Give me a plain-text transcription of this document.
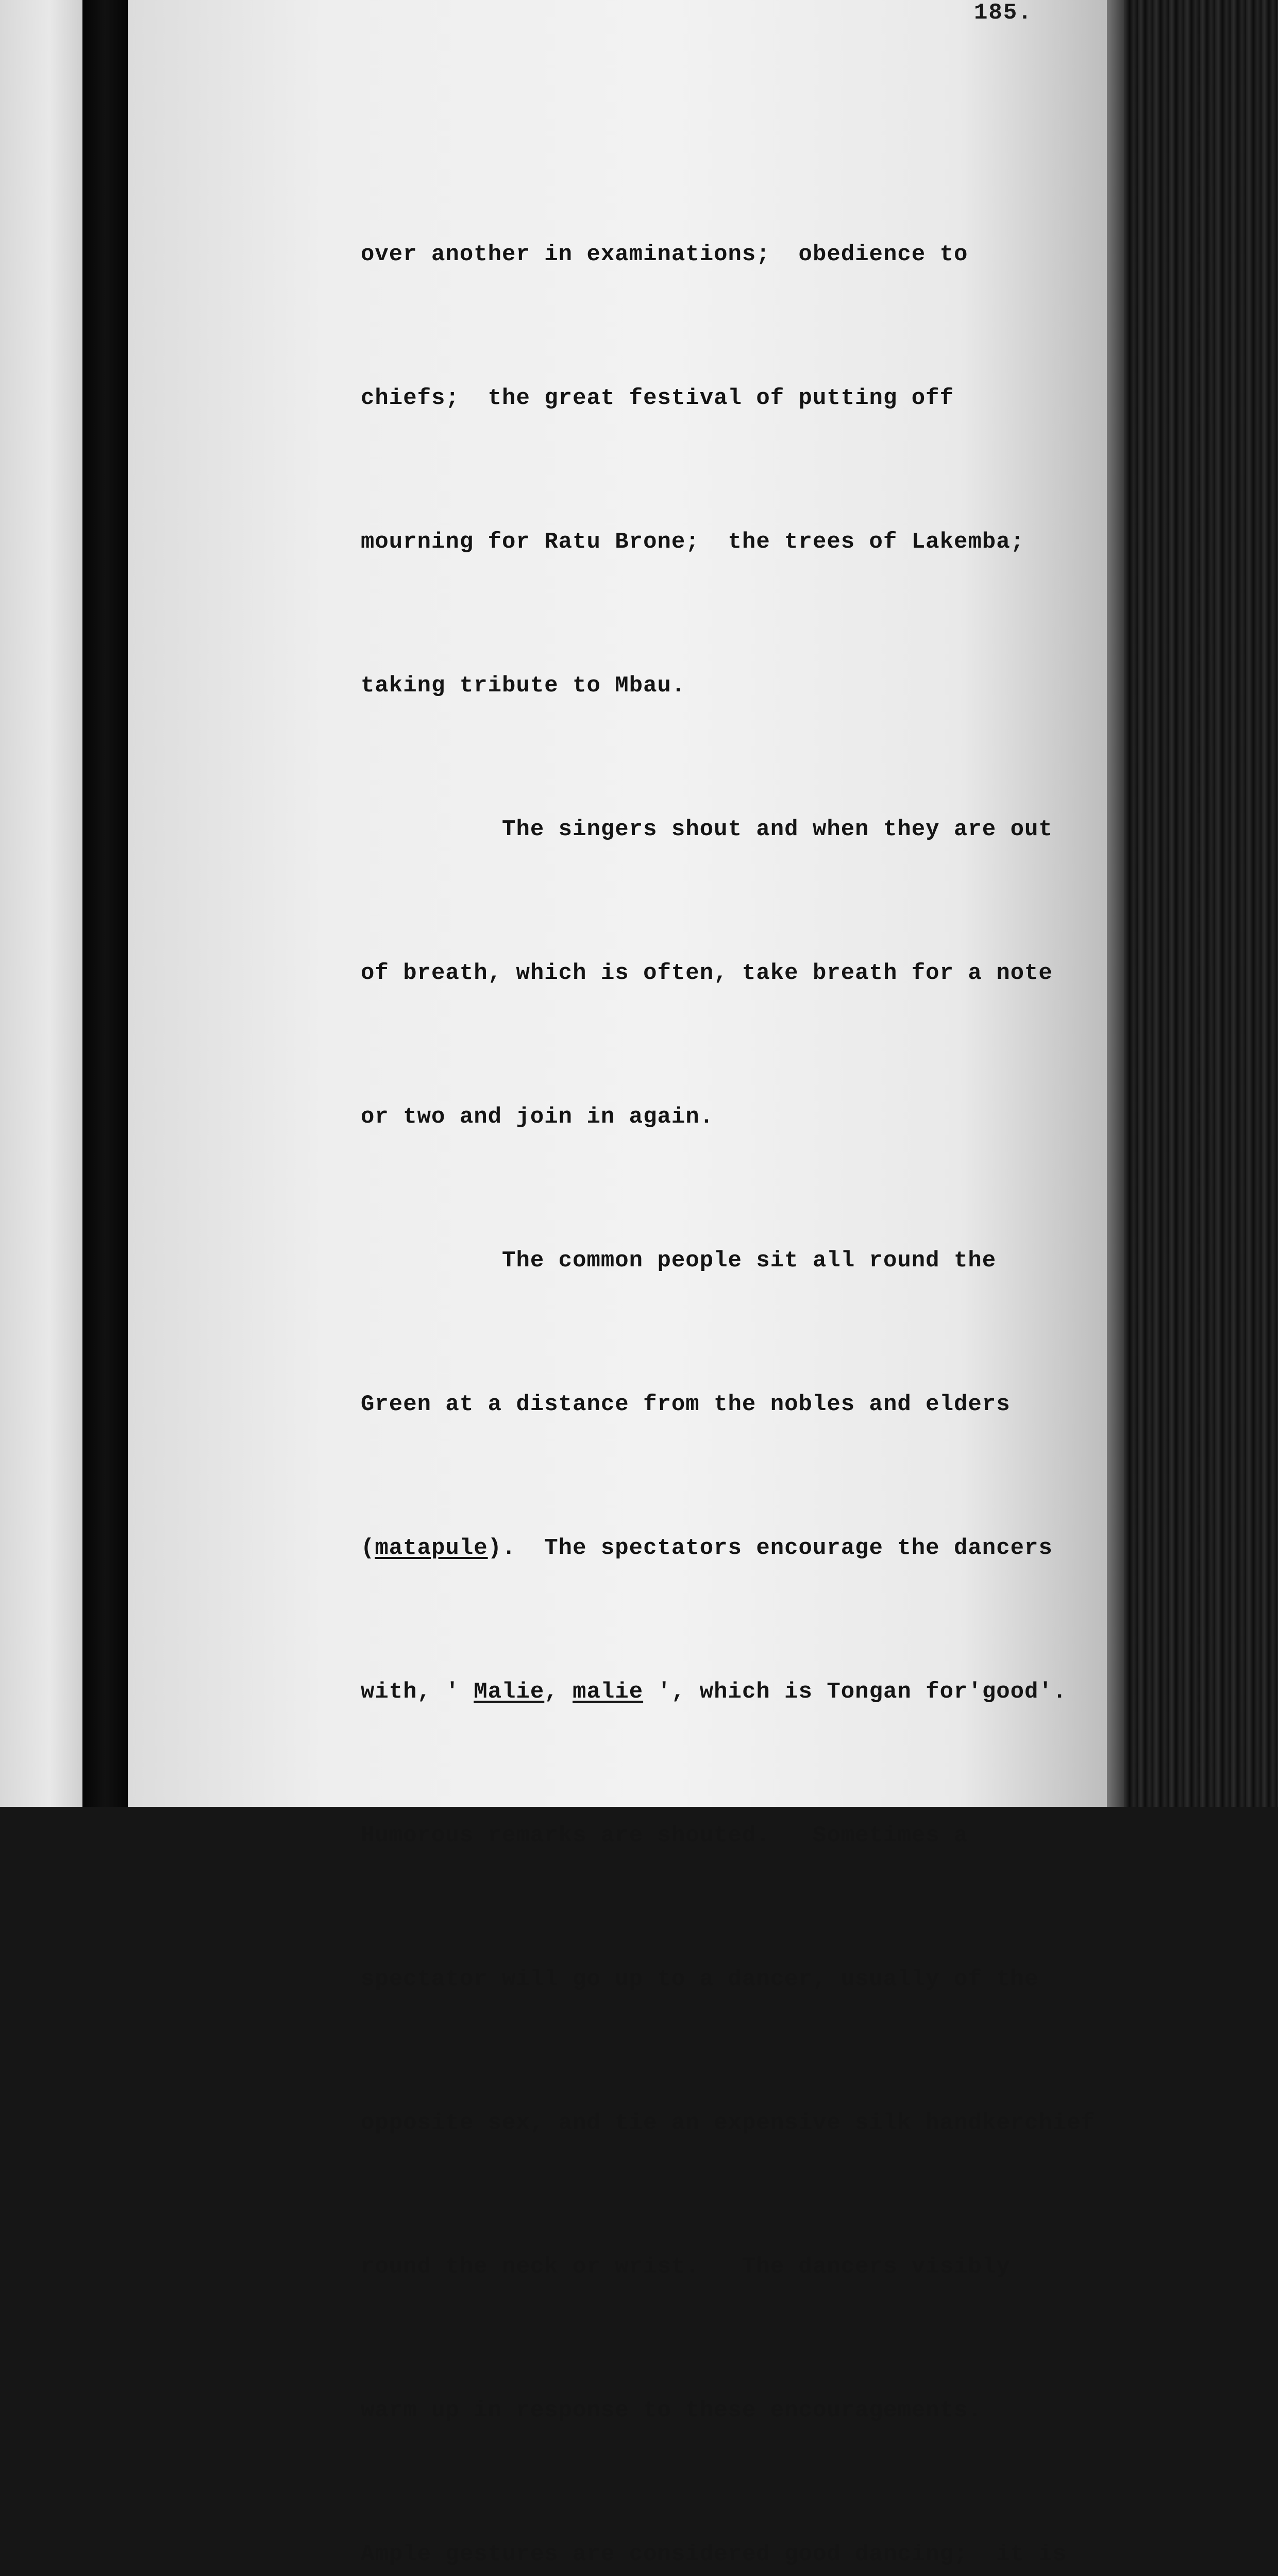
185.

over another in examinations;  obedience to

chiefs;  the great festival of putting off

mourning for Ratu Brone;  the trees of Lakemba;

taking tribute to Mbau.

The singers shout and when they are out

of breath, which is often, take breath for a note

or two and join in again.

The common people sit all round the

Green at a distance from the nobles and elders

(matapule).  The spectators encourage the dancers

with, ' Malie, malie ', which is Tongan for'good'.

Humorous remarks are shouted.   Sometimes a

spectator will go up to a dancer, usually of the

opposite sex, and tie an expensive silk handkerchief

round the neck or wrist.   The dancers visibly

warm up in response to these encouragements.

Ample gestures are considered good dancing;  it is
